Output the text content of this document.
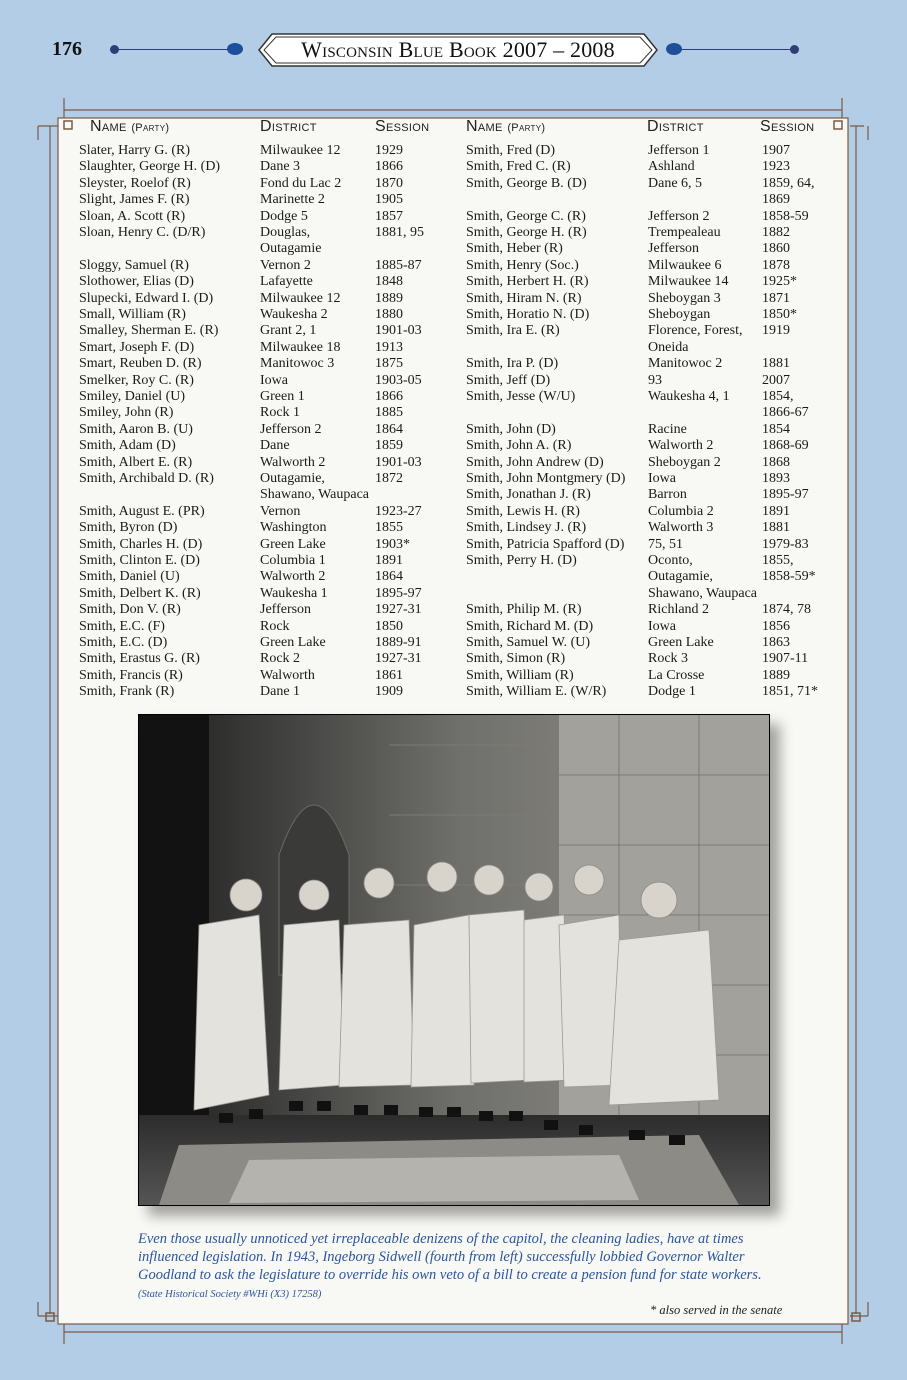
176	Wisconsin Blue Book 2007 – 2008
Name (Party)	District	Session Name (Party)	District	Session
Slater, Harry G. (R)	Milwaukee 12 1929
Slaughter, George H. (D)	Dane 3	1866
Sleyster, Roelof (R)	Fond du Lac 2 1870
Slight, James F. (R)	Marinette 2	1905
Sloan, A. Scott (R)	Dodge 5	1857
Sloan, Henry C. (D/R)	Douglas,	1881, 95
Outagamie
Sloggy, Samuel (R)	Vernon 2	1885-87
Slothower, Elias (D)	Lafayette	1848
Slupecki, Edward I. (D)	Milwaukee 12 1889
Small, William (R)	Waukesha 2	1880
Smalley, Sherman E. (R)	Grant 2, 1	1901-03
Smart, Joseph F. (D)	Milwaukee 18 1913
Smart, Reuben D. (R)	Manitowoc 3	1875
Smelker, Roy C. (R)	Iowa	1903-05
Smiley, Daniel (U)	Green 1	1866
Smiley, John (R)	Rock 1	1885
Smith, Aaron B. (U)	Jefferson 2	1864
Smith, Adam (D)	Dane	1859
Smith, Albert E. (R)	Walworth 2	1901-03
Smith, Archibald D. (R)	Outagamie,	1872
Shawano, Waupaca
Smith, August E. (PR)	Vernon	1923-27
Smith, Byron (D)	Washington	1855
Smith, Charles H. (D)	Green Lake	1903*
Smith, Clinton E. (D)	Columbia 1	1891
Smith, Daniel (U)	Walworth 2	1864
Smith, Delbert K. (R)	Waukesha 1	1895-97
Smith, Don V. (R)	Jefferson	1927-31
Smith, E.C. (F)	Rock	1850
Smith, E.C. (D)	Green Lake	1889-91
Smith, Erastus G. (R)	Rock 2	1927-31
Smith, Francis (R)	Walworth	1861
Smith, Frank (R)	Dane 1	1909
Smith, Fred (D)	Jefferson 1	1907
Smith, Fred C. (R)	Ashland	1923
Smith, George B. (D)	Dane 6, 5	1859, 64,
1869
Smith, George C. (R)	Jefferson 2	1858-59
Smith, George H. (R)	Trempealeau	1882
Smith, Heber (R)	Jefferson	1860
Smith, Henry (Soc.)	Milwaukee 6	1878
Smith, Herbert H. (R)	Milwaukee 14 1925*
Smith, Hiram N. (R)	Sheboygan 3	1871
Smith, Horatio N. (D)	Sheboygan	1850*
Smith, Ira E. (R)	Florence, Forest, 1919
Oneida
Smith, Ira P. (D)	Manitowoc 2	1881
Smith, Jeff (D)	93	2007
Smith, Jesse (W/U)	Waukesha 4, 1 1854,
1866-67
Smith, John (D)	Racine	1854
Smith, John A. (R)	Walworth 2	1868-69
Smith, John Andrew (D)	Sheboygan 2	1868
Smith, John Montgmery (D) Iowa	1893
Smith, Jonathan J. (R)	Barron	1895-97
Smith, Lewis H. (R)	Columbia 2	1891
Smith, Lindsey J. (R)	Walworth 3	1881
Smith, Patricia Spafford (D) 75, 51	1979-83
Smith, Perry H. (D)	Oconto,	1855,
Outagamie,	1858-59*
Shawano, Waupaca
Smith, Philip M. (R)	Richland 2	1874, 78
Smith, Richard M. (D)	Iowa	1856
Smith, Samuel W. (U)	Green Lake	1863
Smith, Simon (R)	Rock 3	1907-11
Smith, William (R)	La Crosse	1889
Smith, William E. (W/R)	Dodge 1	1851, 71*
Even those usually unnoticed yet irreplaceable denizens of the capitol, the cleaning ladies, have at times influenced legislation. In 1943, Ingeborg Sidwell (fourth from left) successfully lobbied Governor Walter Goodland to ask the legislature to override his own veto of a bill to create a pension fund for state workers. (State Historical Society #WHi (X3) 17258)
* also served in the senate
